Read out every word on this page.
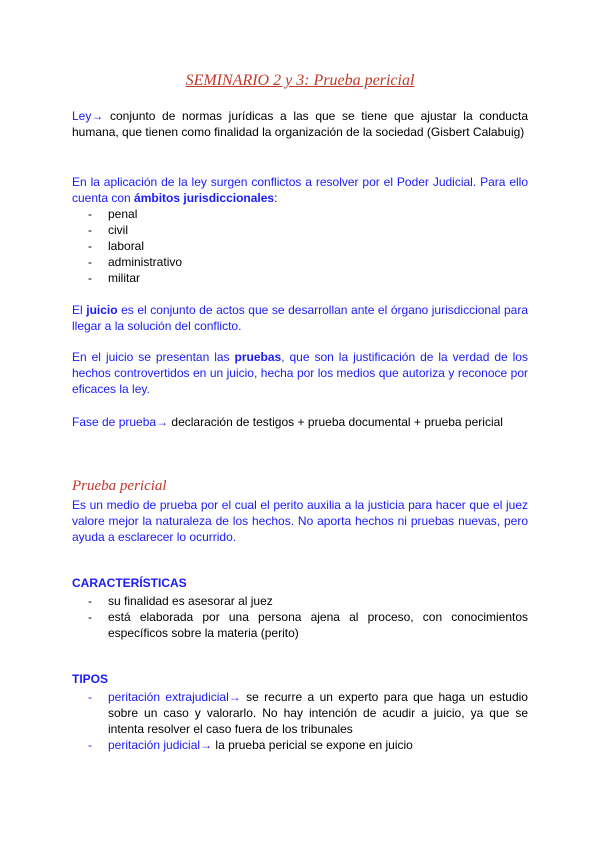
SEMINARIO 2 y 3: Prueba pericial
Ley→ conjunto de normas jurídicas a las que se tiene que ajustar la conducta humana, que tienen como finalidad la organización de la sociedad (Gisbert Calabuig)
En la aplicación de la ley surgen conflictos a resolver por el Poder Judicial. Para ello cuenta con ámbitos jurisdiccionales:
- penal
- civil
- laboral
- administrativo
- militar
El juicio es el conjunto de actos que se desarrollan ante el órgano jurisdiccional para llegar a la solución del conflicto.
En el juicio se presentan las pruebas, que son la justificación de la verdad de los hechos controvertidos en un juicio, hecha por los medios que autoriza y reconoce por eficaces la ley.
Fase de prueba→ declaración de testigos + prueba documental + prueba pericial
Prueba pericial
Es un medio de prueba por el cual el perito auxilia a la justicia para hacer que el juez valore mejor la naturaleza de los hechos. No aporta hechos ni pruebas nuevas, pero ayuda a esclarecer lo ocurrido.
CARACTERÍSTICAS
- su finalidad es asesorar al juez
- está elaborada por una persona ajena al proceso, con conocimientos específicos sobre la materia (perito)
TIPOS
- peritación extrajudicial→ se recurre a un experto para que haga un estudio sobre un caso y valorarlo. No hay intención de acudir a juicio, ya que se intenta resolver el caso fuera de los tribunales
- peritación judicial→ la prueba pericial se expone en juicio
